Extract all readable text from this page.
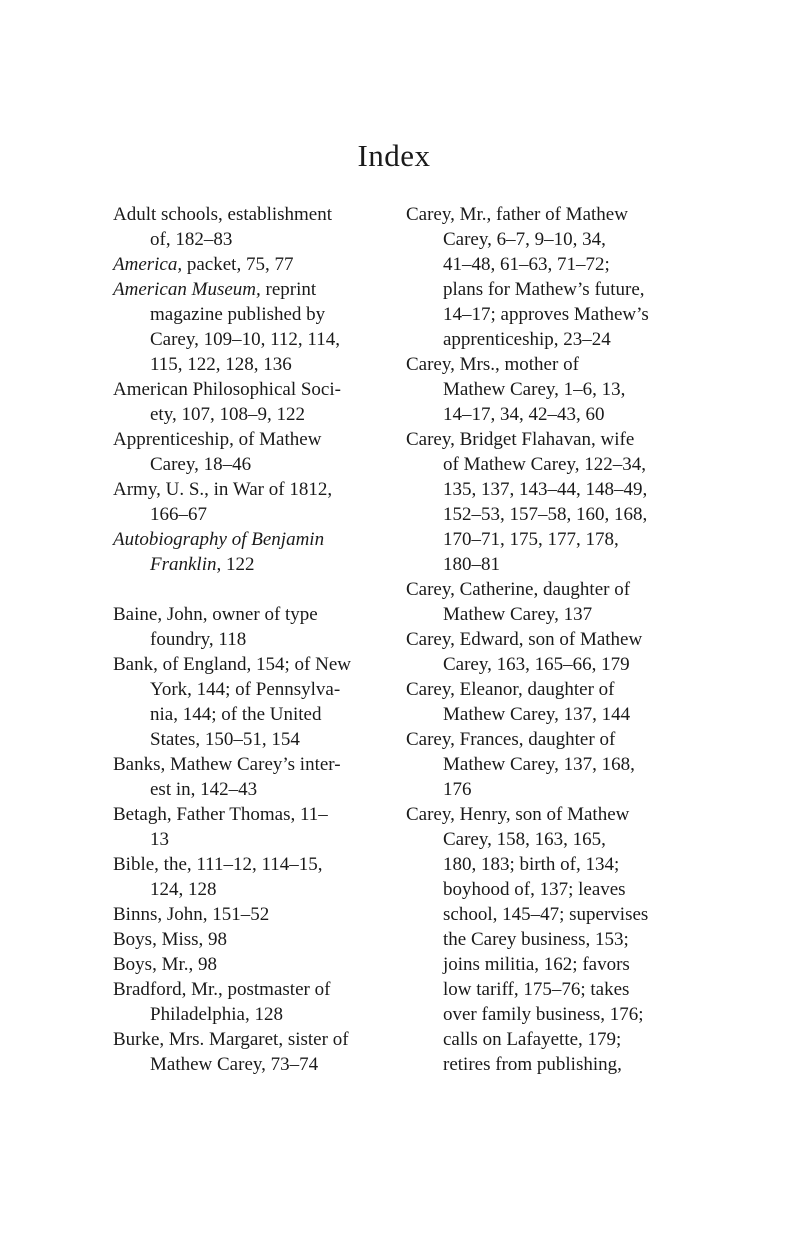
Index
Adult schools, establishment
of, 182–83
America, packet, 75, 77
American Museum, reprint
magazine published by
Carey, 109–10, 112, 114,
115, 122, 128, 136
American Philosophical Soci-
ety, 107, 108–9, 122
Apprenticeship, of Mathew
Carey, 18–46
Army, U. S., in War of 1812,
166–67
Autobiography of Benjamin
Franklin, 122
Baine, John, owner of type
foundry, 118
Bank, of England, 154; of New
York, 144; of Pennsylva-
nia, 144; of the United
States, 150–51, 154
Banks, Mathew Carey’s inter-
est in, 142–43
Betagh, Father Thomas, 11–
13
Bible, the, 111–12, 114–15,
124, 128
Binns, John, 151–52
Boys, Miss, 98
Boys, Mr., 98
Bradford, Mr., postmaster of
Philadelphia, 128
Burke, Mrs. Margaret, sister of
Mathew Carey, 73–74
Carey, Mr., father of Mathew
Carey, 6–7, 9–10, 34,
41–48, 61–63, 71–72;
plans for Mathew’s future,
14–17; approves Mathew’s
apprenticeship, 23–24
Carey, Mrs., mother of
Mathew Carey, 1–6, 13,
14–17, 34, 42–43, 60
Carey, Bridget Flahavan, wife
of Mathew Carey, 122–34,
135, 137, 143–44, 148–49,
152–53, 157–58, 160, 168,
170–71, 175, 177, 178,
180–81
Carey, Catherine, daughter of
Mathew Carey, 137
Carey, Edward, son of Mathew
Carey, 163, 165–66, 179
Carey, Eleanor, daughter of
Mathew Carey, 137, 144
Carey, Frances, daughter of
Mathew Carey, 137, 168,
176
Carey, Henry, son of Mathew
Carey, 158, 163, 165,
180, 183; birth of, 134;
boyhood of, 137; leaves
school, 145–47; supervises
the Carey business, 153;
joins militia, 162; favors
low tariff, 175–76; takes
over family business, 176;
calls on Lafayette, 179;
retires from publishing,
